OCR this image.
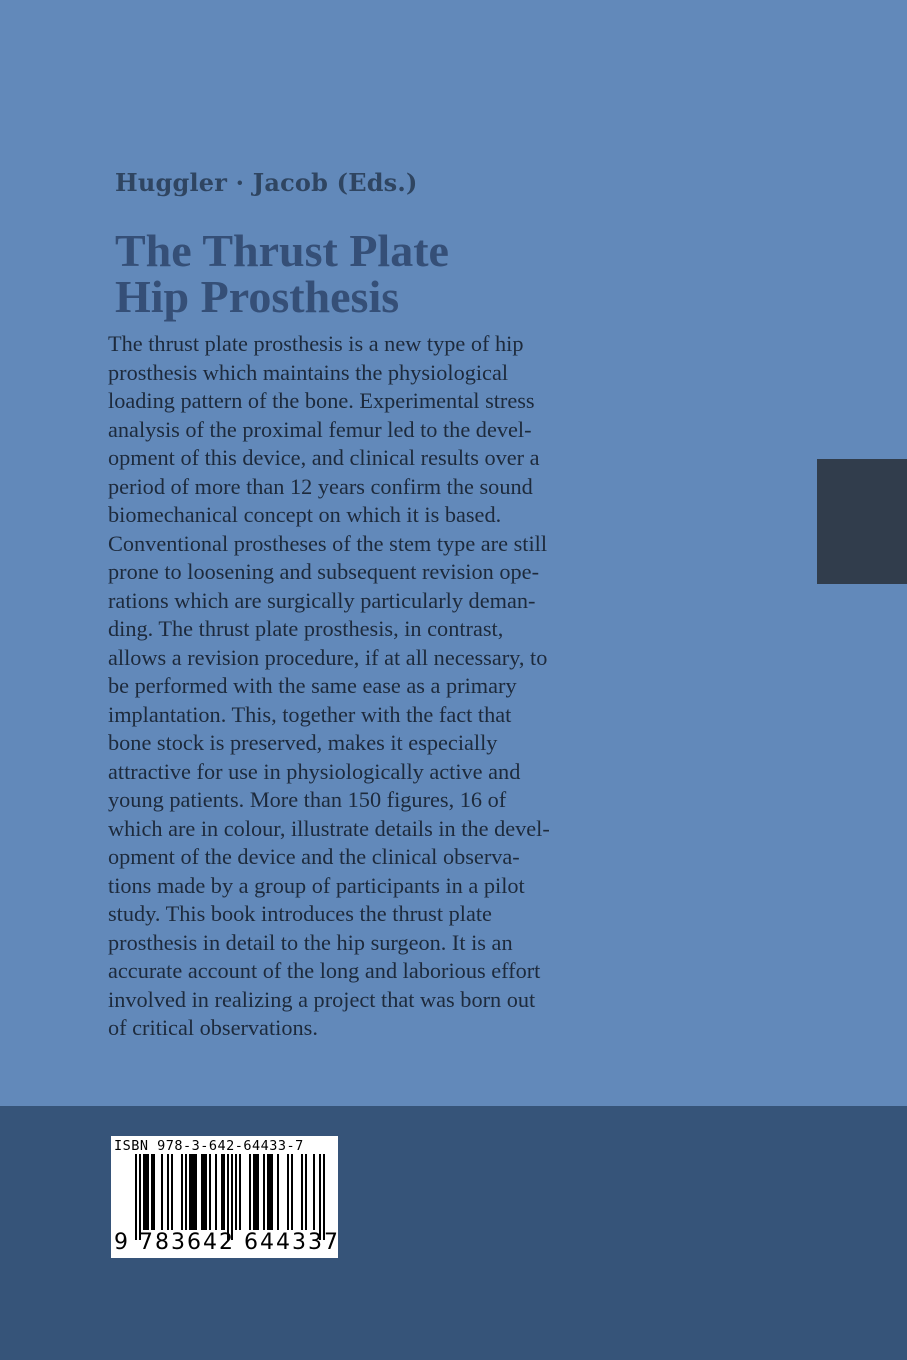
Huggler · Jacob (Eds.)
The Thrust Plate
Hip Prosthesis
The thrust plate prosthesis is a new type of hip
prosthesis which maintains the physiological
loading pattern of the bone. Experimental stress
analysis of the proximal femur led to the devel-
opment of this device, and clinical results over a
period of more than 12 years confirm the sound
biomechanical concept on which it is based.
Conventional prostheses of the stem type are still
prone to loosening and subsequent revision ope-
rations which are surgically particularly deman-
ding. The thrust plate prosthesis, in contrast,
allows a revision procedure, if at all necessary, to
be performed with the same ease as a primary
implantation. This, together with the fact that
bone stock is preserved, makes it especially
attractive for use in physiologically active and
young patients. More than 150 figures, 16 of
which are in colour, illustrate details in the devel-
opment of the device and the clinical observa-
tions made by a group of participants in a pilot
study. This book introduces the thrust plate
prosthesis in detail to the hip surgeon. It is an
accurate account of the long and laborious effort
involved in realizing a project that was born out
of critical observations.
ISBN 978-3-642-64433-7
9 783642 644337
